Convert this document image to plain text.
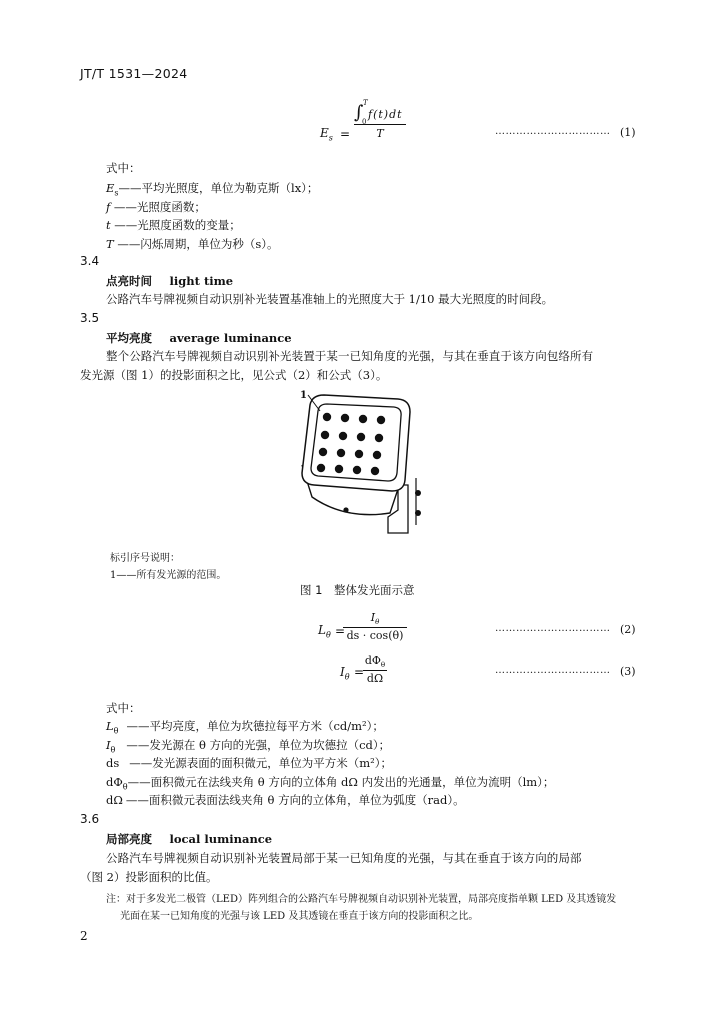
JT/T 1531—2024
$E_s$ =
∫ T
0
f(t)dt
T	…………………………… (1)
式中：
$E_s——$平均光照度，单位为勒克斯（lx）；
f ——光照度函数；
t ——光照度函数的变量；
T ——闪烁周期，单位为秒（s）。
3.4
点亮时间　 light time
公路汽车号牌视频自动识别补光装置基准轴上的光照度大于 1/10 最大光照度的时间段。
3.5
平均亮度　 average luminance
整个公路汽车号牌视频自动识别补光装置于某一已知角度的光强，与其在垂直于该方向包络所有
发光源（图 1）的投影面积之比，见公式（2）和公式（3）。
1
标引序号说明：
1——所有发光源的范围。
图 1　整体发光面示意
$L_\theta$ =
$I_\theta$
ds · cos(θ)
…………………………… (2)
$I_\theta$ =
$d\Phi_\theta$
dΩ
…………………………… (3)
式中：
$L_\theta$ ——平均亮度，单位为坎德拉每平方米（cd/m²）；
$I_\theta$ ——发光源在 θ 方向的光强，单位为坎德拉（cd）；
ds ——发光源表面的面积微元，单位为平方米（m²）；
$d\Phi_\theta——$面积微元在法线夹角 θ 方向的立体角 dΩ 内发出的光通量，单位为流明（lm）；
dΩ ——面积微元表面法线夹角 θ 方向的立体角，单位为弧度（rad）。
3.6
局部亮度　 local luminance
公路汽车号牌视频自动识别补光装置局部于某一已知角度的光强，与其在垂直于该方向的局部
（图 2）投影面积的比值。
注：对于多发光二极管（LED）阵列组合的公路汽车号牌视频自动识别补光装置，局部亮度指单颗 LED 及其透镜发
光面在某一已知角度的光强与该 LED 及其透镜在垂直于该方向的投影面积之比。
2
